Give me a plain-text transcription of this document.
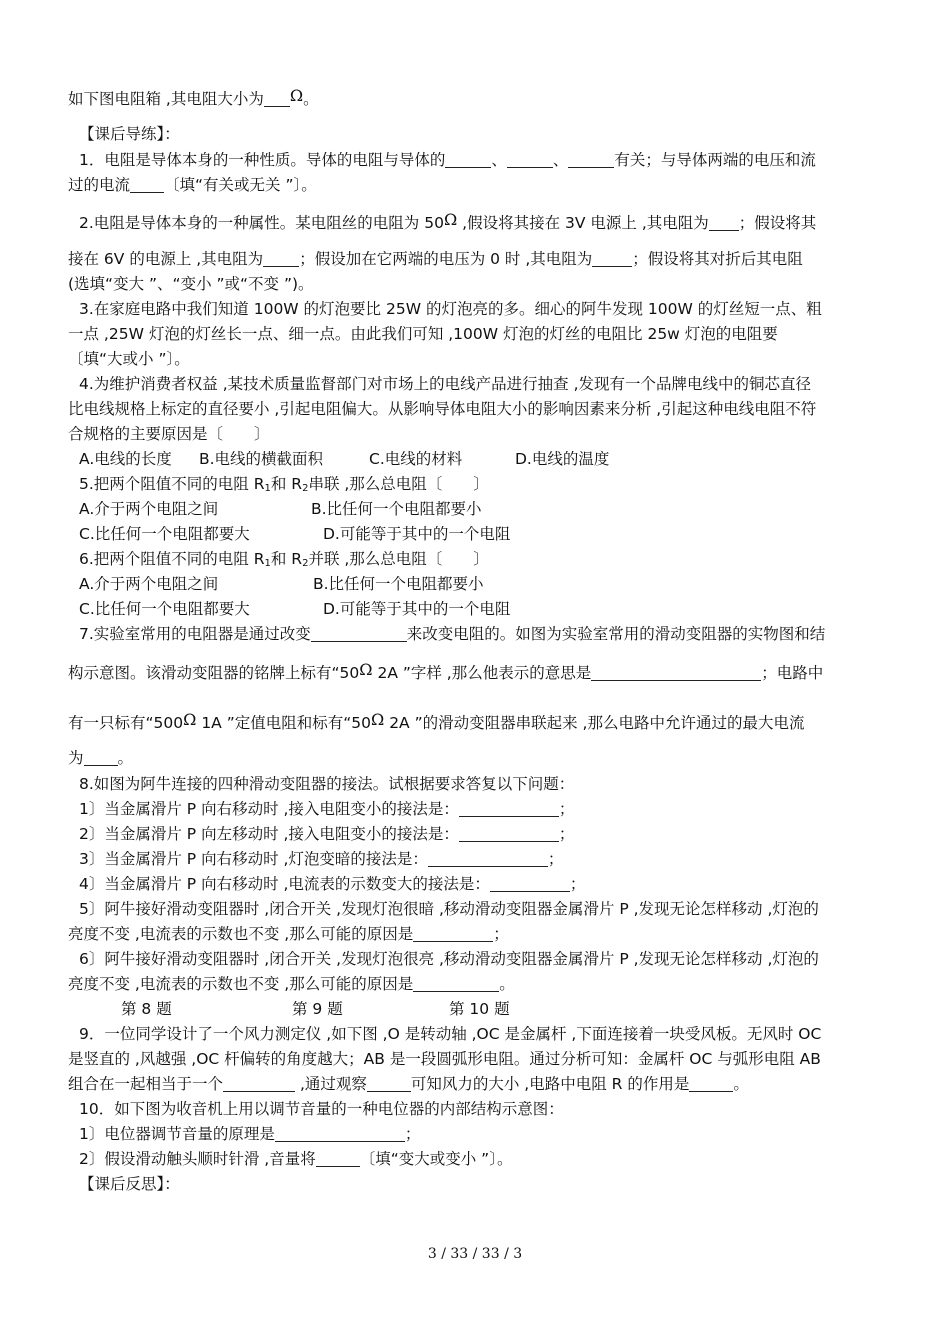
如下图电阻箱 ,其电阻大小为 Ω。
【课后导练】：
1．电阻是导体本身的一种性质。导体的电阻与导体的	、	、	有关；与导体两端的电压和流
过的电流 〔填“有关或无关 ”〕。
2.电阻是导体本身的一种属性。某电阻丝的电阻为 50Ω ,假设将其接在 3V 电源上 ,其电阻为 ；假设将其
接在 6V 的电源上 ,其电阻为 ；假设加在它两端的电压为 0 时 ,其电阻为	；假设将其对折后其电阻
(选填“变大 ”、“变小 ”或“不变 ”)。
3.在家庭电路中我们知道 100W 的灯泡要比 25W 的灯泡亮的多。细心的阿牛发现 100W 的灯丝短一点、粗
一点 ,25W 灯泡的灯丝长一点、细一点。由此我们可知 ,100W 灯泡的灯丝的电阻比 25w 灯泡的电阻要
〔填“大或小 ”〕。
4.为维护消费者权益 ,某技术质量监督部门对市场上的电线产品进行抽查 ,发现有一个品牌电线中的铜芯直径
比电线规格上标定的直径要小 ,引起电阻偏大。从影响导体电阻大小的影响因素来分析 ,引起这种电线电阻不符
合规格的主要原因是〔　　〕
A.电线的长度 B.电线的横截面积	C.电线的材料	D.电线的温度
5.把两个阻值不同的电阻 $R_1$和 $R_2$串联 ,那么总电阻〔　　〕
A.介于两个电阻之间	B.比任何一个电阻都要小
C.比任何一个电阻都要大	D.可能等于其中的一个电阻
6.把两个阻值不同的电阻 $R_1$和 $R_2$并联 ,那么总电阻〔　　〕
A.介于两个电阻之间	B.比任何一个电阻都要小
C.比任何一个电阻都要大	D.可能等于其中的一个电阻
7.实验室常用的电阻器是通过改变	来改变电阻的。如图为实验室常用的滑动变阻器的实物图和结
构示意图。该滑动变阻器的铭牌上标有“50Ω 2A ”字样 ,那么他表示的意思是	；电路中
有一只标有“500Ω 1A ”定值电阻和标有“50Ω 2A ”的滑动变阻器串联起来 ,那么电路中允许通过的最大电流
为 。
8.如图为阿牛连接的四种滑动变阻器的接法。试根据要求答复以下问题：
1〕当金属滑片 P 向右移动时 ,接入电阻变小的接法是：	；
2〕当金属滑片 P 向左移动时 ,接入电阻变小的接法是：	；
3〕当金属滑片 P 向右移动时 ,灯泡变暗的接法是：	；
4〕当金属滑片 P 向右移动时 ,电流表的示数变大的接法是：	；
5〕阿牛接好滑动变阻器时 ,闭合开关 ,发现灯泡很暗 ,移动滑动变阻器金属滑片 P ,发现无论怎样移动 ,灯泡的
亮度不变 ,电流表的示数也不变 ,那么可能的原因是	；
6〕阿牛接好滑动变阻器时 ,闭合开关 ,发现灯泡很亮 ,移动滑动变阻器金属滑片 P ,发现无论怎样移动 ,灯泡的
亮度不变 ,电流表的示数也不变 ,那么可能的原因是	。
第 8 题	第 9 题	第 10 题
9．一位同学设计了一个风力测定仪 ,如下图 ,O 是转动轴 ,OC 是金属杆 ,下面连接着一块受风板。无风时 OC
是竖直的 ,风越强 ,OC 杆偏转的角度越大；AB 是一段圆弧形电阻。通过分析可知：金属杆 OC 与弧形电阻 AB
组合在一起相当于一个	,通过观察	可知风力的大小 ,电路中电阻 R 的作用是	。
10．如下图为收音机上用以调节音量的一种电位器的内部结构示意图：
1〕电位器调节音量的原理是	；
2〕假设滑动触头顺时针滑 ,音量将	〔填“变大或变小 ”〕。
【课后反思】：
3 / 33 / 33 / 3
